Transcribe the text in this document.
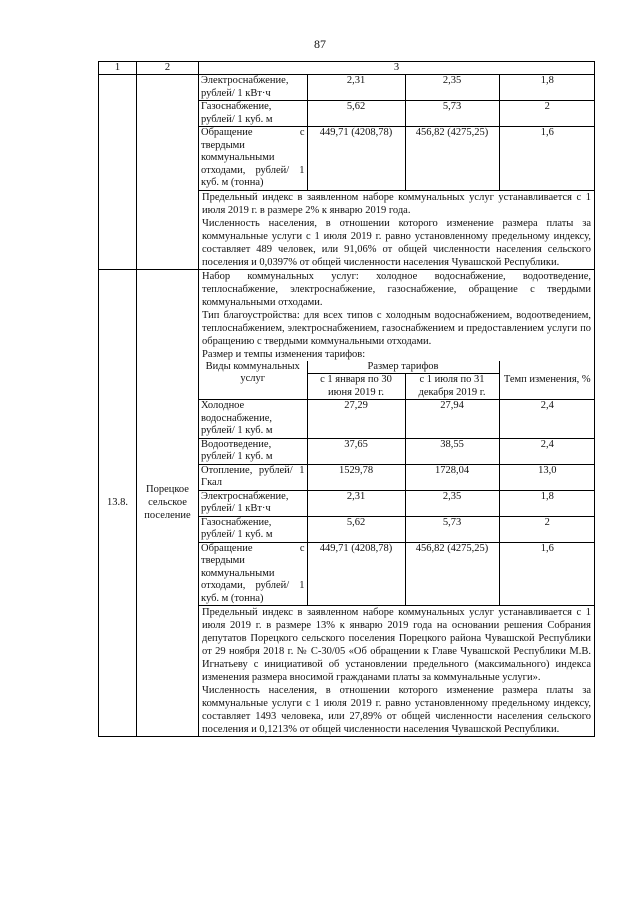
87
1	2	3

Электроснабжение, рублей/ 1 кВт·ч	2,31	2,35	1,8
Газоснабжение, рублей/ 1 куб. м	5,62	5,73	2
Обращение с твердыми коммунальными отходами, рублей/ 1 куб. м (тонна)	449,71 (4208,78)	456,82 (4275,25)	1,6
Предельный индекс в заявленном наборе коммунальных услуг устанавливается с 1 июля 2019 г. в размере 2% к январю 2019 года.
Численность населения, в отношении которого изменение размера платы за коммунальные услуги с 1 июля 2019 г. равно установленному предельному индексу, составляет 489 человек, или 91,06% от общей численности населения сельского поселения и 0,0397% от общей численности населения Чувашской Республики.

13.8.	Порецкое сельское поселение	
Набор коммунальных услуг: холодное водоснабжение, водоотведение, теплоснабжение, электроснабжение, газоснабжение, обращение с твердыми коммунальными отходами.
Тип благоустройства: для всех типов с холодным водоснабжением, водоотведением, теплоснабжением, электроснабжением, газоснабжением и предоставлением услуги по обращению с твердыми коммунальными отходами.
Размер и темпы изменения тарифов:
Виды коммунальных услуг	Размер тарифов	Темп изменения, %
с 1 января по 30 июня 2019 г.	с 1 июля по 31 декабря 2019 г.
Холодное водоснабжение, рублей/ 1 куб. м	27,29	27,94	2,4
Водоотведение, рублей/ 1 куб. м	37,65	38,55	2,4
Отопление, рублей/ 1 Гкал	1529,78	1728,04	13,0
Электроснабжение, рублей/ 1 кВт·ч	2,31	2,35	1,8
Газоснабжение, рублей/ 1 куб. м	5,62	5,73	2
Обращение с твердыми коммунальными отходами, рублей/ 1 куб. м (тонна)	449,71 (4208,78)	456,82 (4275,25)	1,6
Предельный индекс в заявленном наборе коммунальных услуг устанавливается с 1 июля 2019 г. в размере 13% к январю 2019 года на основании решения Собрания депутатов Порецкого сельского поселения Порецкого района Чувашской Республики от 29 ноября 2018 г. № С-30/05 «Об обращении к Главе Чувашской Республики М.В. Игнатьеву с инициативой об установлении предельного (максимального) индекса изменения размера вносимой гражданами платы за коммунальные услуги».
Численность населения, в отношении которого изменение размера платы за коммунальные услуги с 1 июля 2019 г. равно установленному предельному индексу, составляет 1493 человека, или 27,89% от общей численности населения сельского поселения и 0,1213% от общей численности населения Чувашской Республики.
